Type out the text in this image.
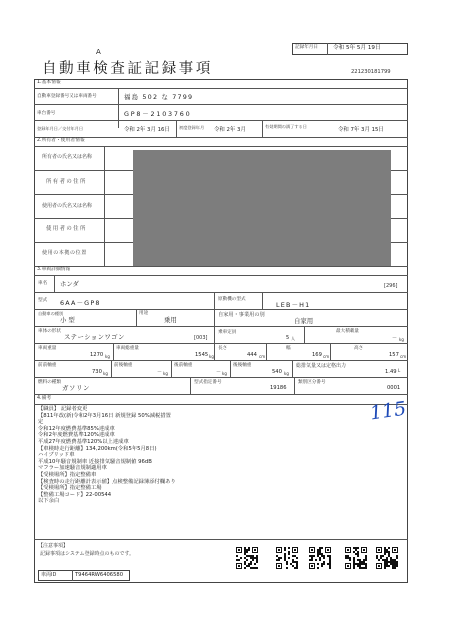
A
自動車検査証記録事項
記録年月日	令和 5年 5月 19日
221230181799
1.基本情報
自動車登録番号又は車両番号	福島 502 な 7799
車台番号	GP8－2103760
登録年月日／交付年月日	令和 2年 3月 16日 初度登録年月 令和 2年 3月
有効期間の満了する日
令和 7年 3月 15日
2.所有者・使用者情報
所有者の氏名又は名称
所有者の住所
使用者の氏名又は名称
使用者の住所
使用の本拠の位置
3.車両詳細情報
車名 ホンダ	[296]
型式 6AA－GP8	原動機の型式
LEB－H1
自動車の種別
小 型
用途
乗用
自家用・事業用の別
自家用
車体の形状
ステーションワゴン	[003]
乗車定員
5 人
最大積載量
－ kg
車両重量
1270 kg
車両総重量
1545 kg
長さ
444 cm
幅
169 cm
高さ
157 cm
前前軸重
730 kg
前後軸重
－ kg
後前軸重
－ kg
後後軸重
540 kg
総排気量又は定格出力
1.49 L
燃料の種類
ガソリン
型式指定番号
19186
類別区分番号
0001
4.備考
【職員】 記録者変更
【811年改(新)令和2年3月16日 新規登録 50%減税措置
定
令和12年度燃費基準85%達成車
令和2年度燃費基準120%達成車
平成27年度燃費基準120%以上達成車
【車検時走行距離】134,200km(令和5年5月8日)
ハイブリッド車
平成10年騒音規制車 近接排気騒音規制値 96dB
マフラー加速騒音規制適用車
【受検場所】指定整備車
【検査時の走行距離計表示値】点検整備記録簿添付欄あり
【受検場所】指定整備工場
【整備工場コード】22-00544
以下余白
115
【注意事項】
記録事項はシステム登録時点のものです。
車両ID	T9464RW6406580
